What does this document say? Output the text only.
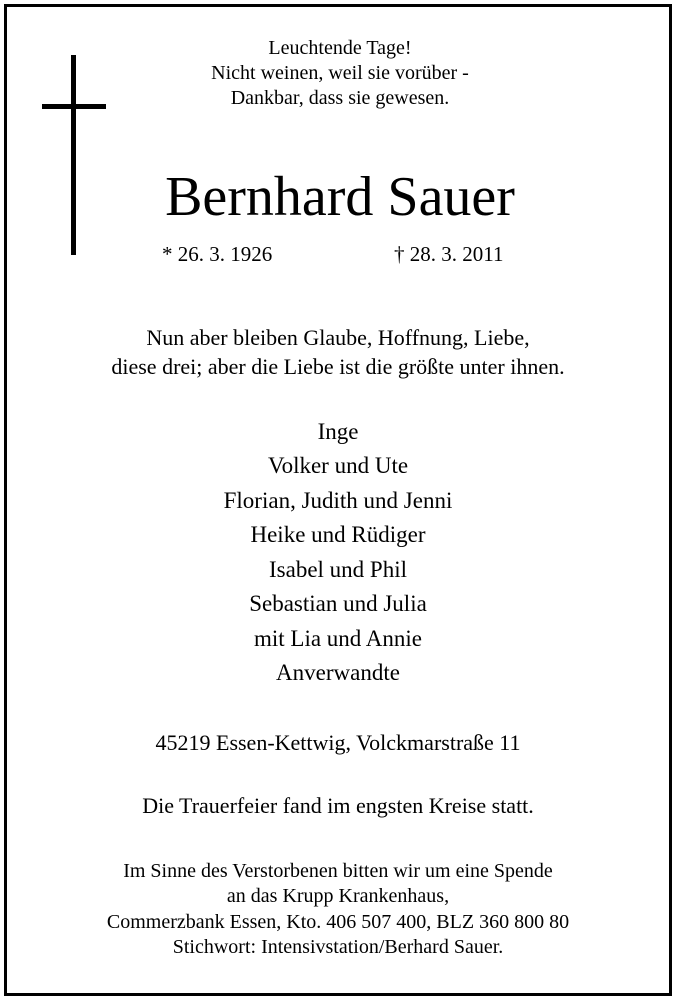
Leuchtende Tage!
Nicht weinen, weil sie vorüber -
Dankbar, dass sie gewesen.
Bernhard Sauer
* 26. 3. 1926	† 28. 3. 2011
Nun aber bleiben Glaube, Hoffnung, Liebe,
diese drei; aber die Liebe ist die größte unter ihnen.
Inge
Volker und Ute
Florian, Judith und Jenni
Heike und Rüdiger
Isabel und Phil
Sebastian und Julia
mit Lia und Annie
Anverwandte
45219 Essen-Kettwig, Volckmarstraße 11
Die Trauerfeier fand im engsten Kreise statt.
Im Sinne des Verstorbenen bitten wir um eine Spende
an das Krupp Krankenhaus,
Commerzbank Essen, Kto. 406 507 400, BLZ 360 800 80
Stichwort: Intensivstation/Berhard Sauer.
